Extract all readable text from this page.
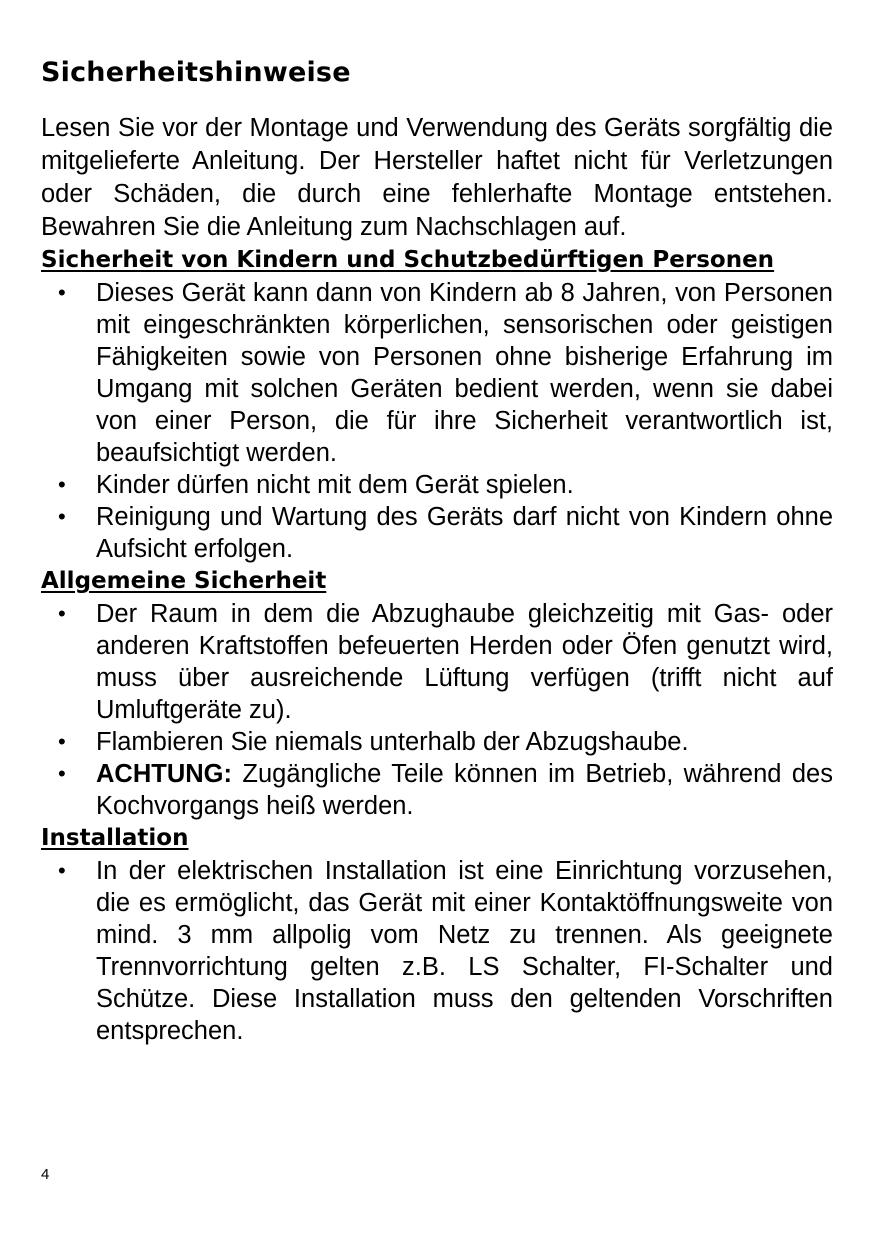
Sicherheitshinweise

Lesen Sie vor der Montage und Verwendung des Geräts sorgfältig die mitgelieferte Anleitung. Der Hersteller haftet nicht für Verletzungen oder Schäden, die durch eine fehlerhafte Montage entstehen. Bewahren Sie die Anleitung zum Nachschlagen auf.

Sicherheit von Kindern und Schutzbedürftigen Personen
• Dieses Gerät kann dann von Kindern ab 8 Jahren, von Personen mit eingeschränkten körperlichen, sensorischen oder geistigen Fähigkeiten sowie von Personen ohne bisherige Erfahrung im Umgang mit solchen Geräten bedient werden, wenn sie dabei von einer Person, die für ihre Sicherheit verantwortlich ist, beaufsichtigt werden.
• Kinder dürfen nicht mit dem Gerät spielen.
• Reinigung und Wartung des Geräts darf nicht von Kindern ohne Aufsicht erfolgen.
Allgemeine Sicherheit
• Der Raum in dem die Abzughaube gleichzeitig mit Gas- oder anderen Kraftstoffen befeuerten Herden oder Öfen genutzt wird, muss über ausreichende Lüftung verfügen (trifft nicht auf Umluftgeräte zu).
• Flambieren Sie niemals unterhalb der Abzugshaube.
• ACHTUNG: Zugängliche Teile können im Betrieb, während des Kochvorgangs heiß werden.
Installation
• In der elektrischen Installation ist eine Einrichtung vorzusehen, die es ermöglicht, das Gerät mit einer Kontaktöffnungsweite von mind. 3 mm allpolig vom Netz zu trennen. Als geeignete Trennvorrichtung gelten z.B. LS Schalter, FI-Schalter und Schütze. Diese Installation muss den geltenden Vorschriften entsprechen.
4
